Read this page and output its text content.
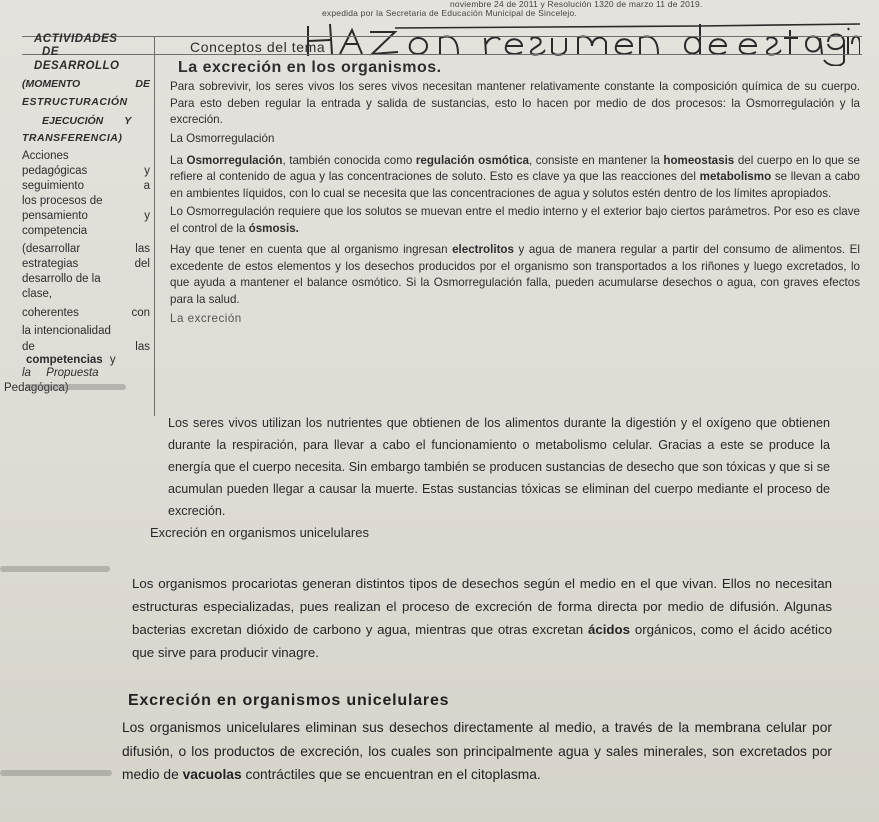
noviembre 24 de 2011 y Resolución 1320 de marzo 11 de 2019.
expedida por la Secretaria de Educación Municipal de Sincelejo.
ACTIVIDADES
DE
DESARROLLO
(MOMENTO	DE
ESTRUCTURACIÓN
EJECUCIÓN Y
TRANSFERENCIA)
Acciones
pedagógicas	y
seguimiento	a
los procesos de
pensamiento	y
competencia
(desarrollar	las
estrategias	del
desarrollo de la
clase,
coherentes	con
la intencionalidad
de	las
competencias y
la Propuesta
Pedagógica)
Conceptos del tema
La excreción en los organismos.

Para sobrevivir, los seres vivos los seres vivos necesitan mantener relativamente constante la composición química de su cuerpo. Para esto deben regular la entrada y salida de sustancias, esto lo hacen por medio de dos procesos: la Osmorregulación y la excreción.

La Osmorregulación

La Osmorregulación, también conocida como regulación osmótica, consiste en mantener la homeostasis del cuerpo en lo que se refiere al contenido de agua y las concentraciones de soluto. Esto es clave ya que las reacciones del metabolismo se llevan a cabo en ambientes líquidos, con lo cual se necesita que las concentraciones de agua y solutos estén dentro de los límites apropiados.

Lo Osmorregulación requiere que los solutos se muevan entre el medio interno y el exterior bajo ciertos parámetros. Por eso es clave el control de la ósmosis.

Hay que tener en cuenta que al organismo ingresan electrolitos y agua de manera regular a partir del consumo de alimentos. El excedente de estos elementos y los desechos producidos por el organismo son transportados a los riñones y luego excretados, lo que ayuda a mantener el balance osmótico. Si la Osmorregulación falla, pueden acumularse desechos o agua, con graves efectos para la salud.

La excreción

Los seres vivos utilizan los nutrientes que obtienen de los alimentos durante la digestión y el oxígeno que obtienen durante la respiración, para llevar a cabo el funcionamiento o metabolismo celular. Gracias a este se produce la energía que el cuerpo necesita. Sin embargo también se producen sustancias de desecho que son tóxicas y que si se acumulan pueden llegar a causar la muerte. Estas sustancias tóxicas se eliminan del cuerpo mediante el proceso de excreción.

Excreción en organismos unicelulares

Los organismos procariotas generan distintos tipos de desechos según el medio en el que vivan. Ellos no necesitan estructuras especializadas, pues realizan el proceso de excreción de forma directa por medio de difusión. Algunas bacterias excretan dióxido de carbono y agua, mientras que otras excretan ácidos orgánicos, como el ácido acético que sirve para producir vinagre.

Excreción en organismos unicelulares

Los organismos unicelulares eliminan sus desechos directamente al medio, a través de la membrana celular por difusión, o los productos de excreción, los cuales son principalmente agua y sales minerales, son excretados por medio de vacuolas contráctiles que se encuentran en el citoplasma.
